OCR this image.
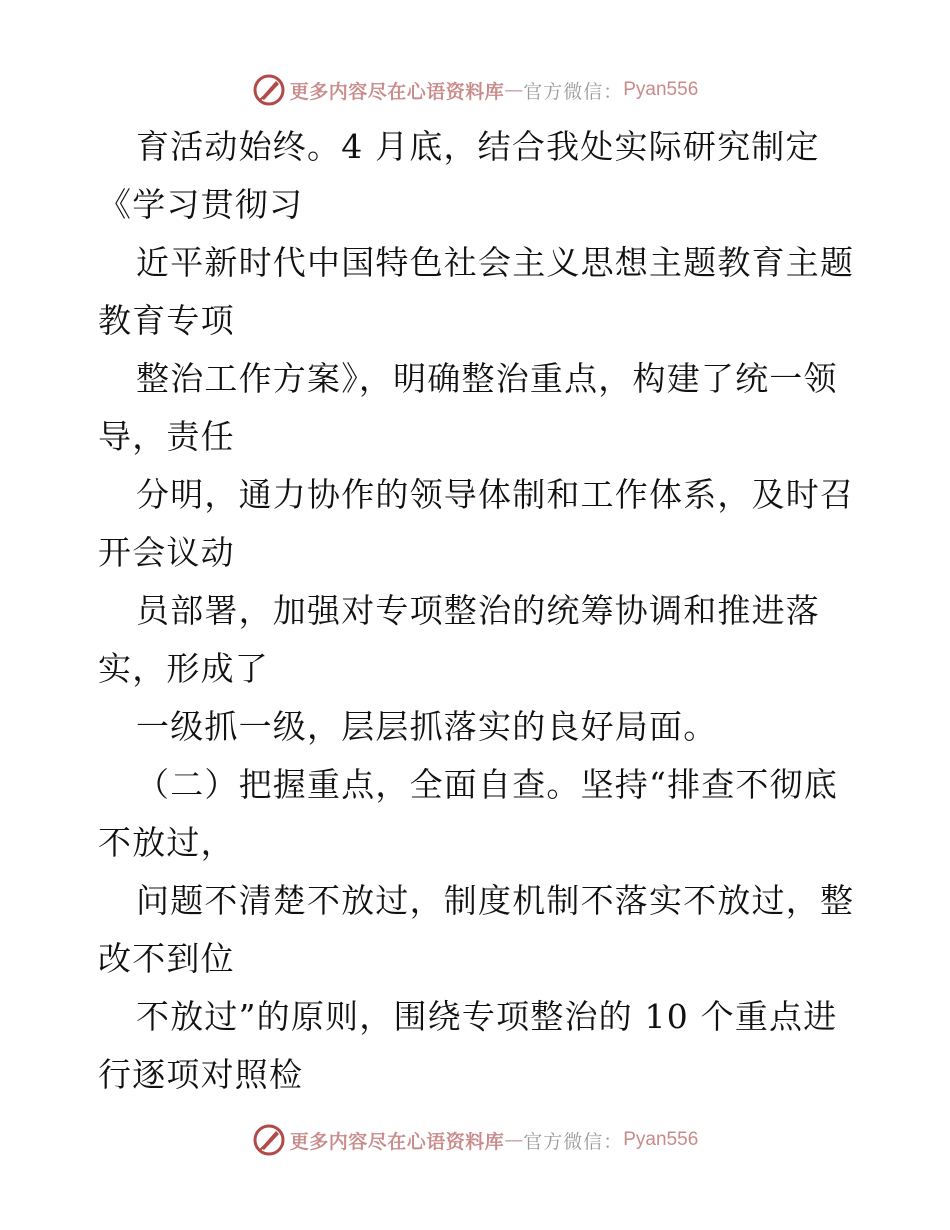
更多内容尽在心语资料库 — 官方微信： Pyan556
育活动始终。4 月底，结合我处实际研究制定
《学习贯彻习
近平新时代中国特色社会主义思想主题教育主题
教育专项
整治工作方案》，明确整治重点，构建了统一领
导，责任
分明，通力协作的领导体制和工作体系，及时召
开会议动
员部署，加强对专项整治的统筹协调和推进落
实，形成了
一级抓一级，层层抓落实的良好局面。
（二）把握重点，全面自查。坚持“排查不彻底
不放过，
问题不清楚不放过，制度机制不落实不放过，整
改不到位
不放过”的原则，围绕专项整治的 10 个重点进
行逐项对照检
更多内容尽在心语资料库 — 官方微信： Pyan556
